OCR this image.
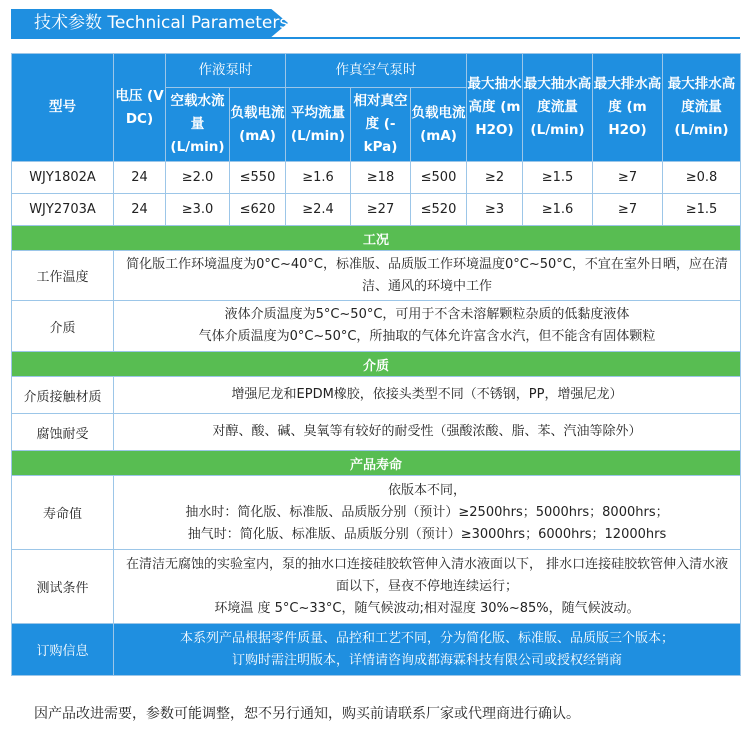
技术参数 Technical Parameters
型号	电压 (V DC)	作液泵时		作真空气泵时			最大抽水高度 (m H2O)	最大抽水高度流量 (L/min)	最大排水高度 (m H2O)	最大排水高度流量 (L/min)
		空载水流量 (L/min)	负载电流 (mA)	平均流量 (L/min)	相对真空度 (-kPa)	负载电流 (mA)				
WJY1802A	24	≥2.0	≤550	≥1.6	≥18	≤500	≥2	≥1.5	≥7	≥0.8
WJY2703A	24	≥3.0	≤620	≥2.4	≥27	≤520	≥3	≥1.6	≥7	≥1.5
工况										
工作温度	简化版工作环境温度为0°C~40°C，标准版、品质版工作环境温度0°C~50°C，不宜在室外日晒，应在清洁、通风的环境中工作									
介质	液体介质温度为5°C~50°C，可用于不含未溶解颗粒杂质的低黏度液体
气体介质温度为0°C~50°C，所抽取的气体允许富含水汽，但不能含有固体颗粒									

介质										
介质接触材质	增强尼龙和EPDM橡胶，依接头类型不同（不锈钢，PP，增强尼龙）									
腐蚀耐受	对醇、酸、碱、臭氧等有较好的耐受性（强酸浓酸、脂、苯、汽油等除外）									
产品寿命										
寿命值	依版本不同，
抽水时：简化版、标准版、品质版分别（预计）≥2500hrs；5000hrs；8000hrs；
抽气时：简化版、标准版、品质版分别（预计）≥3000hrs；6000hrs；12000hrs									

测试条件	在清洁无腐蚀的实验室内，泵的抽水口连接硅胶软管伸入清水液面以下， 排水口连接硅胶软管伸入清水液面以下，昼夜不停地连续运行；
环境温 度 5°C~33°C，随气候波动;相对湿度 30%~85%，随气候波动。									

订购信息	本系列产品根据零件质量、品控和工艺不同，分为简化版、标准版、品质版三个版本；
订购时需注明版本，详情请咨询成都海霖科技有限公司或授权经销商									
因产品改进需要，参数可能调整，恕不另行通知，购买前请联系厂家或代理商进行确认。
